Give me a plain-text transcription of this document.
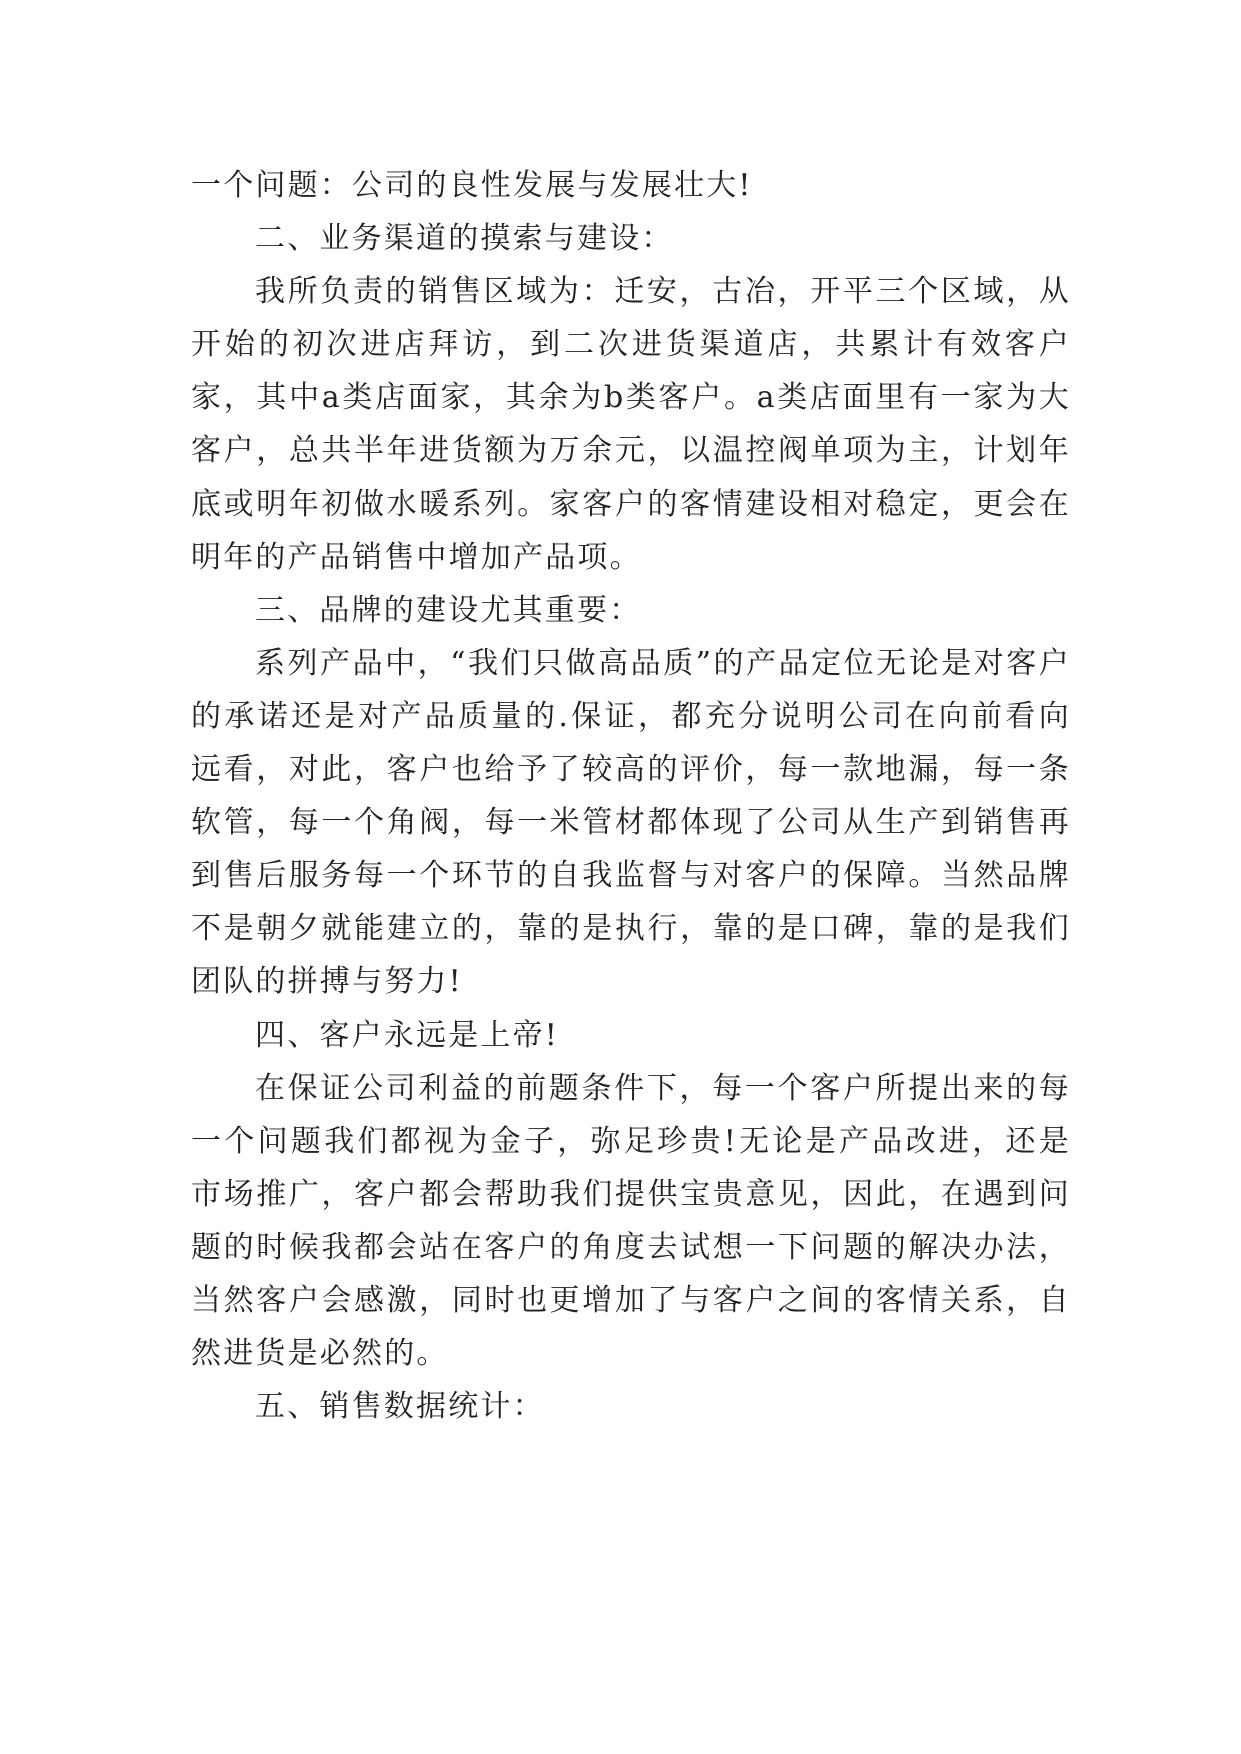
一个问题：公司的良性发展与发展壮大!

二、业务渠道的摸索与建设：

我所负责的销售区域为：迁安，古冶，开平三个区域，从开始的初次进店拜访，到二次进货渠道店，共累计有效客户家，其中a类店面家，其余为b类客户。a类店面里有一家为大客户，总共半年进货额为万余元，以温控阀单项为主，计划年底或明年初做水暖系列。家客户的客情建设相对稳定，更会在明年的产品销售中增加产品项。

三、品牌的建设尤其重要：

系列产品中，“我们只做高品质”的产品定位无论是对客户的承诺还是对产品质量的.保证，都充分说明公司在向前看向远看，对此，客户也给予了较高的评价，每一款地漏，每一条软管，每一个角阀，每一米管材都体现了公司从生产到销售再到售后服务每一个环节的自我监督与对客户的保障。当然品牌不是朝夕就能建立的，靠的是执行，靠的是口碑，靠的是我们团队的拼搏与努力!

四、客户永远是上帝!

在保证公司利益的前题条件下，每一个客户所提出来的每一个问题我们都视为金子，弥足珍贵!无论是产品改进，还是市场推广，客户都会帮助我们提供宝贵意见，因此，在遇到问题的时候我都会站在客户的角度去试想一下问题的解决办法，当然客户会感激，同时也更增加了与客户之间的客情关系，自然进货是必然的。

五、销售数据统计：
